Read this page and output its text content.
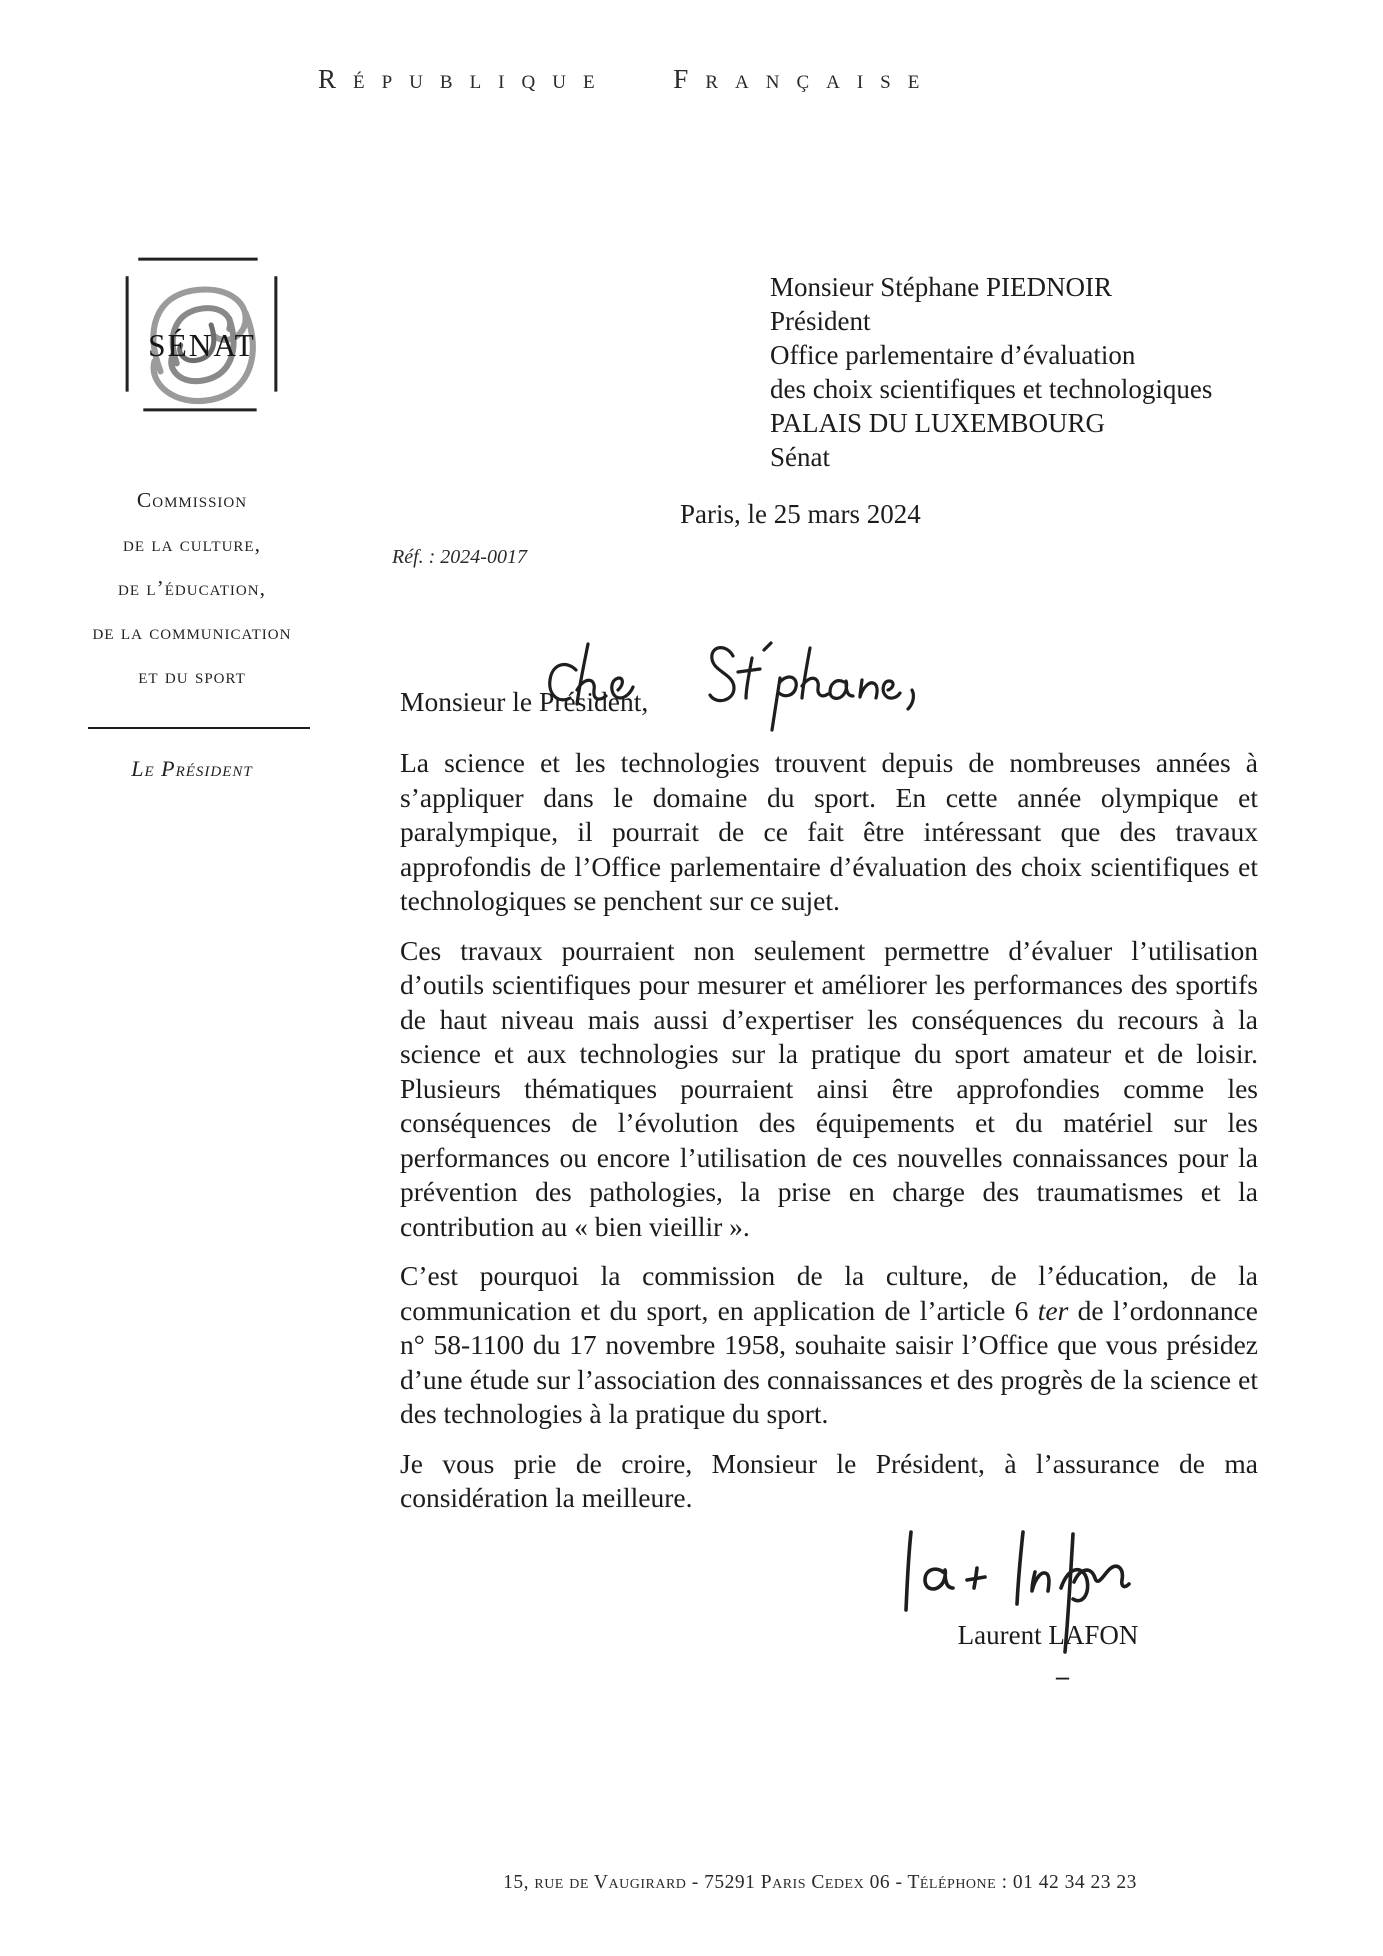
République Française
SÉNAT
Commission
de la culture,
de l’éducation,
de la communication
et du sport
Le Président
Monsieur Stéphane PIEDNOIR
Président
Office parlementaire d’évaluation
des choix scientifiques et technologiques
PALAIS DU LUXEMBOURG
Sénat
Paris, le 25 mars 2024
Réf. : 2024-0017
Monsieur le Président,

La science et les technologies trouvent depuis de nombreuses années à s’appliquer dans le domaine du sport. En cette année olympique et paralympique, il pourrait de ce fait être intéressant que des travaux approfondis de l’Office parlementaire d’évaluation des choix scientifiques et technologiques se penchent sur ce sujet.

Ces travaux pourraient non seulement permettre d’évaluer l’utilisation d’outils scientifiques pour mesurer et améliorer les performances des sportifs de haut niveau mais aussi d’expertiser les conséquences du recours à la science et aux technologies sur la pratique du sport amateur et de loisir. Plusieurs thématiques pourraient ainsi être approfondies comme les conséquences de l’évolution des équipements et du matériel sur les performances ou encore l’utilisation de ces nouvelles connaissances pour la prévention des pathologies, la prise en charge des traumatismes et la contribution au « bien vieillir ».

C’est pourquoi la commission de la culture, de l’éducation, de la communication et du sport, en application de l’article 6 ter de l’ordonnance n° 58-1100 du 17 novembre 1958, souhaite saisir l’Office que vous présidez d’une étude sur l’association des connaissances et des progrès de la science et des technologies à la pratique du sport.

Je vous prie de croire, Monsieur le Président, à l’assurance de ma considération la meilleure.

Laurent LAFON
–
15, rue de Vaugirard - 75291 Paris Cedex 06 - Téléphone : 01 42 34 23 23
